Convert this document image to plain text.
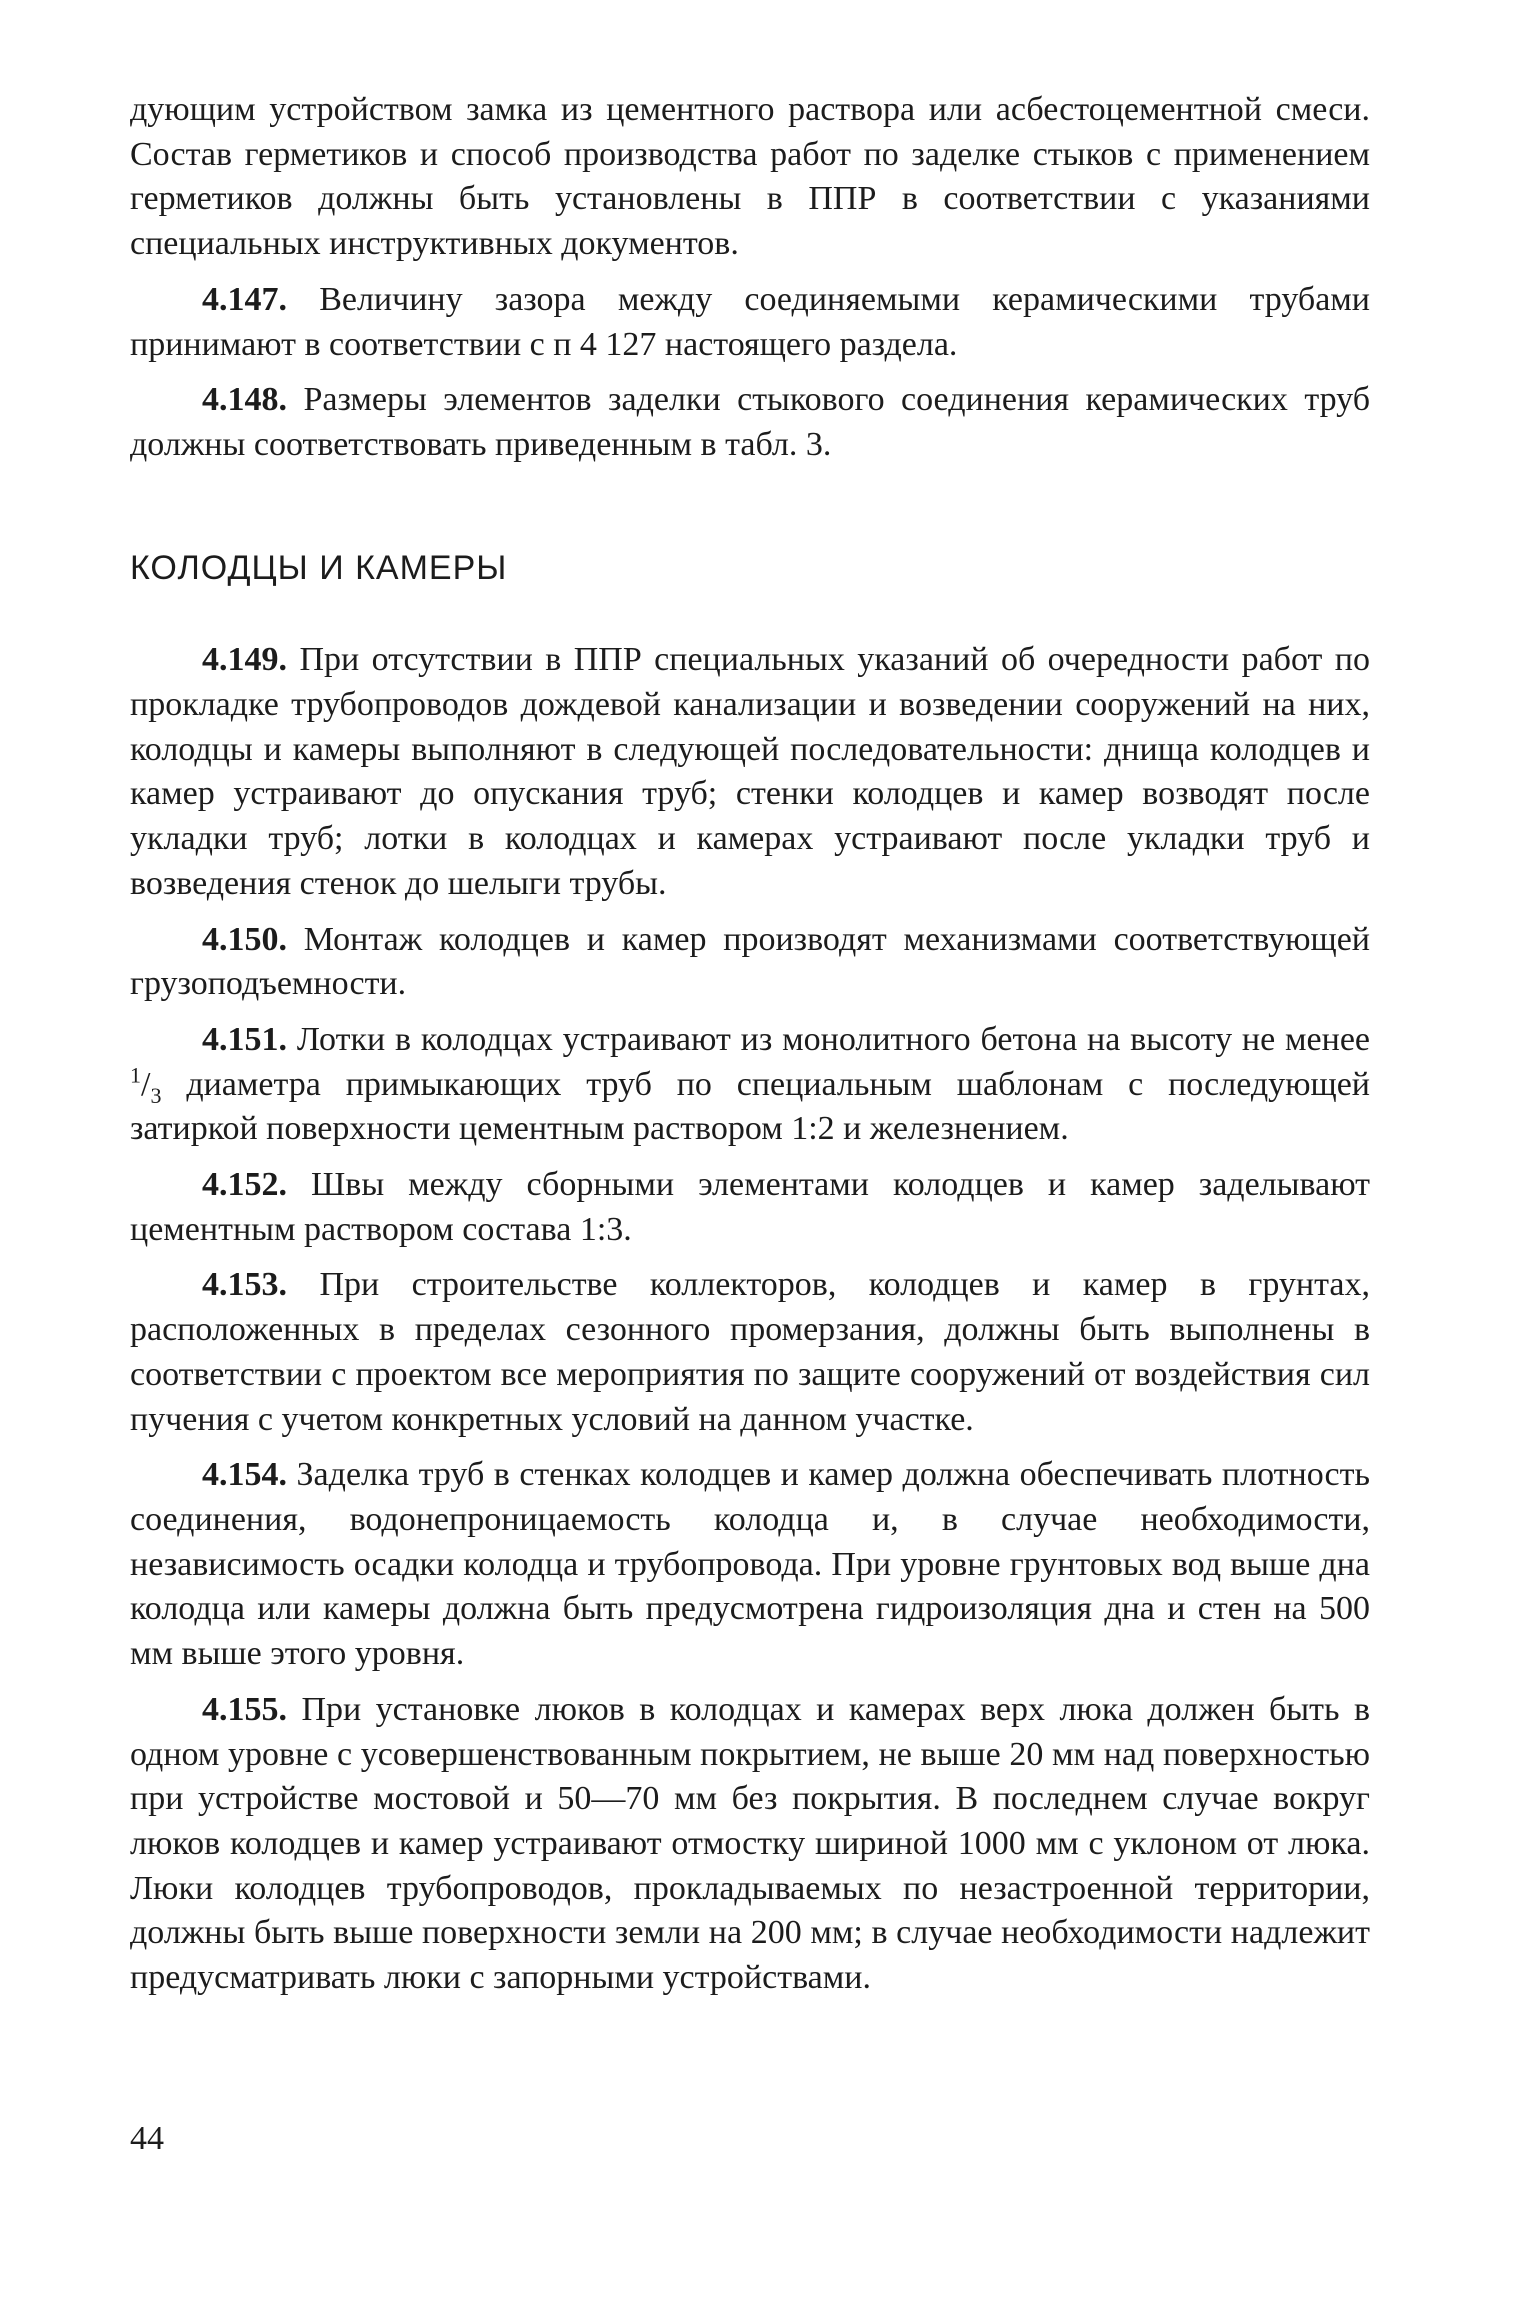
дующим устройством замка из цементного раствора или асбестоцементной смеси. Состав герметиков и способ производства работ по заделке стыков с применением герметиков должны быть установлены в ППР в соответствии с указаниями специальных инструктивных документов.

4.147. Величину зазора между соединяемыми керамическими трубами принимают в соответствии с п 4 127 настоящего раздела.

4.148. Размеры элементов заделки стыкового соединения керамических труб должны соответствовать приведенным в табл. 3.

КОЛОДЦЫ И КАМЕРЫ

4.149. При отсутствии в ППР специальных указаний об очередности работ по прокладке трубопроводов дождевой канализации и возведении сооружений на них, колодцы и камеры выполняют в следующей последовательности: днища колодцев и камер устраивают до опускания труб; стенки колодцев и камер возводят после укладки труб; лотки в колодцах и камерах устраивают после укладки труб и возведения стенок до шелыги трубы.

4.150. Монтаж колодцев и камер производят механизмами соответствующей грузоподъемности.

4.151. Лотки в колодцах устраивают из монолитного бетона на высоту не менее $^1/_3$ диаметра примыкающих труб по специальным шаблонам с последующей затиркой поверхности цементным раствором 1:2 и железнением.

4.152. Швы между сборными элементами колодцев и камер заделывают цементным раствором состава 1:3.

4.153. При строительстве коллекторов, колодцев и камер в грунтах, расположенных в пределах сезонного промерзания, должны быть выполнены в соответствии с проектом все мероприятия по защите сооружений от воздействия сил пучения с учетом конкретных условий на данном участке.

4.154. Заделка труб в стенках колодцев и камер должна обеспечивать плотность соединения, водонепроницаемость колодца и, в случае необходимости, независимость осадки колодца и трубопровода. При уровне грунтовых вод выше дна колодца или камеры должна быть предусмотрена гидроизоляция дна и стен на 500 мм выше этого уровня.

4.155. При установке люков в колодцах и камерах верх люка должен быть в одном уровне с усовершенствованным покрытием, не выше 20 мм над поверхностью при устройстве мостовой и 50—70 мм без покрытия. В последнем случае вокруг люков колодцев и камер устраивают отмостку шириной 1000 мм с уклоном от люка. Люки колодцев трубопроводов, прокладываемых по незастроенной территории, должны быть выше поверхности земли на 200 мм; в случае необходимости надлежит предусматривать люки с запорными устройствами.

44
